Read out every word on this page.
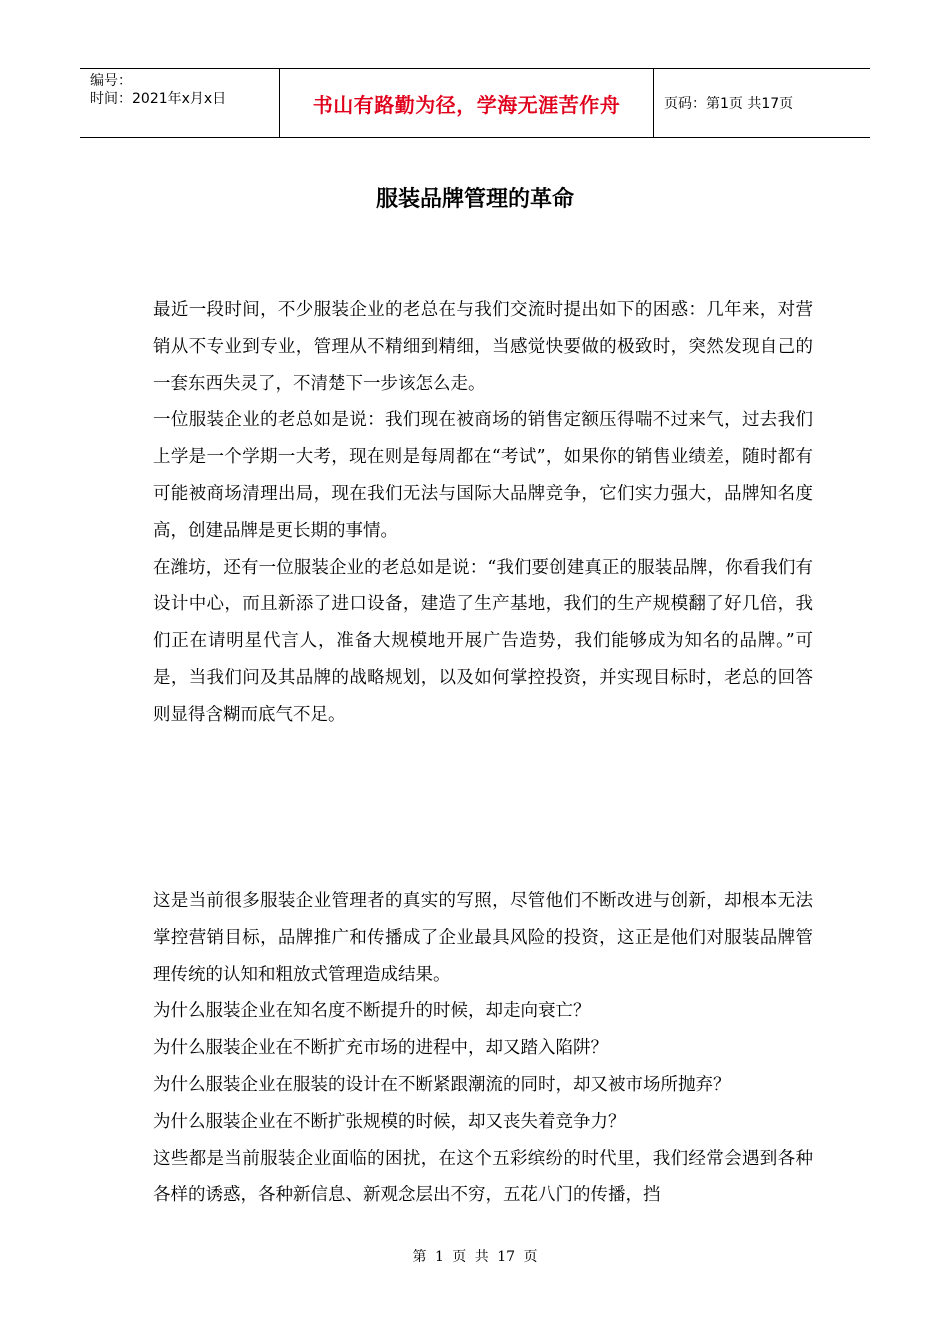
编号：
时间：2021年x月x日	书山有路勤为径，学海无涯苦作舟	页码：第1页 共17页
服装品牌管理的革命

最近一段时间，不少服装企业的老总在与我们交流时提出如下的困惑：几年来，对营销从不专业到专业，管理从不精细到精细，当感觉快要做的极致时，突然发现自己的一套东西失灵了，不清楚下一步该怎么走。

一位服装企业的老总如是说：我们现在被商场的销售定额压得喘不过来气，过去我们上学是一个学期一大考，现在则是每周都在“考试”，如果你的销售业绩差，随时都有可能被商场清理出局，现在我们无法与国际大品牌竞争，它们实力强大，品牌知名度高，创建品牌是更长期的事情。

在潍坊，还有一位服装企业的老总如是说：“我们要创建真正的服装品牌，你看我们有设计中心，而且新添了进口设备，建造了生产基地，我们的生产规模翻了好几倍，我们正在请明星代言人，准备大规模地开展广告造势，我们能够成为知名的品牌。”可是，当我们问及其品牌的战略规划，以及如何掌控投资，并实现目标时，老总的回答则显得含糊而底气不足。

这是当前很多服装企业管理者的真实的写照，尽管他们不断改进与创新，却根本无法掌控营销目标，品牌推广和传播成了企业最具风险的投资，这正是他们对服装品牌管理传统的认知和粗放式管理造成结果。

为什么服装企业在知名度不断提升的时候，却走向衰亡？

为什么服装企业在不断扩充市场的进程中，却又踏入陷阱？

为什么服装企业在服装的设计在不断紧跟潮流的同时，却又被市场所抛弃？

为什么服装企业在不断扩张规模的时候，却又丧失着竞争力？

这些都是当前服装企业面临的困扰，在这个五彩缤纷的时代里，我们经常会遇到各种各样的诱惑，各种新信息、新观念层出不穷，五花八门的传播，挡

第 1 页 共 17 页
